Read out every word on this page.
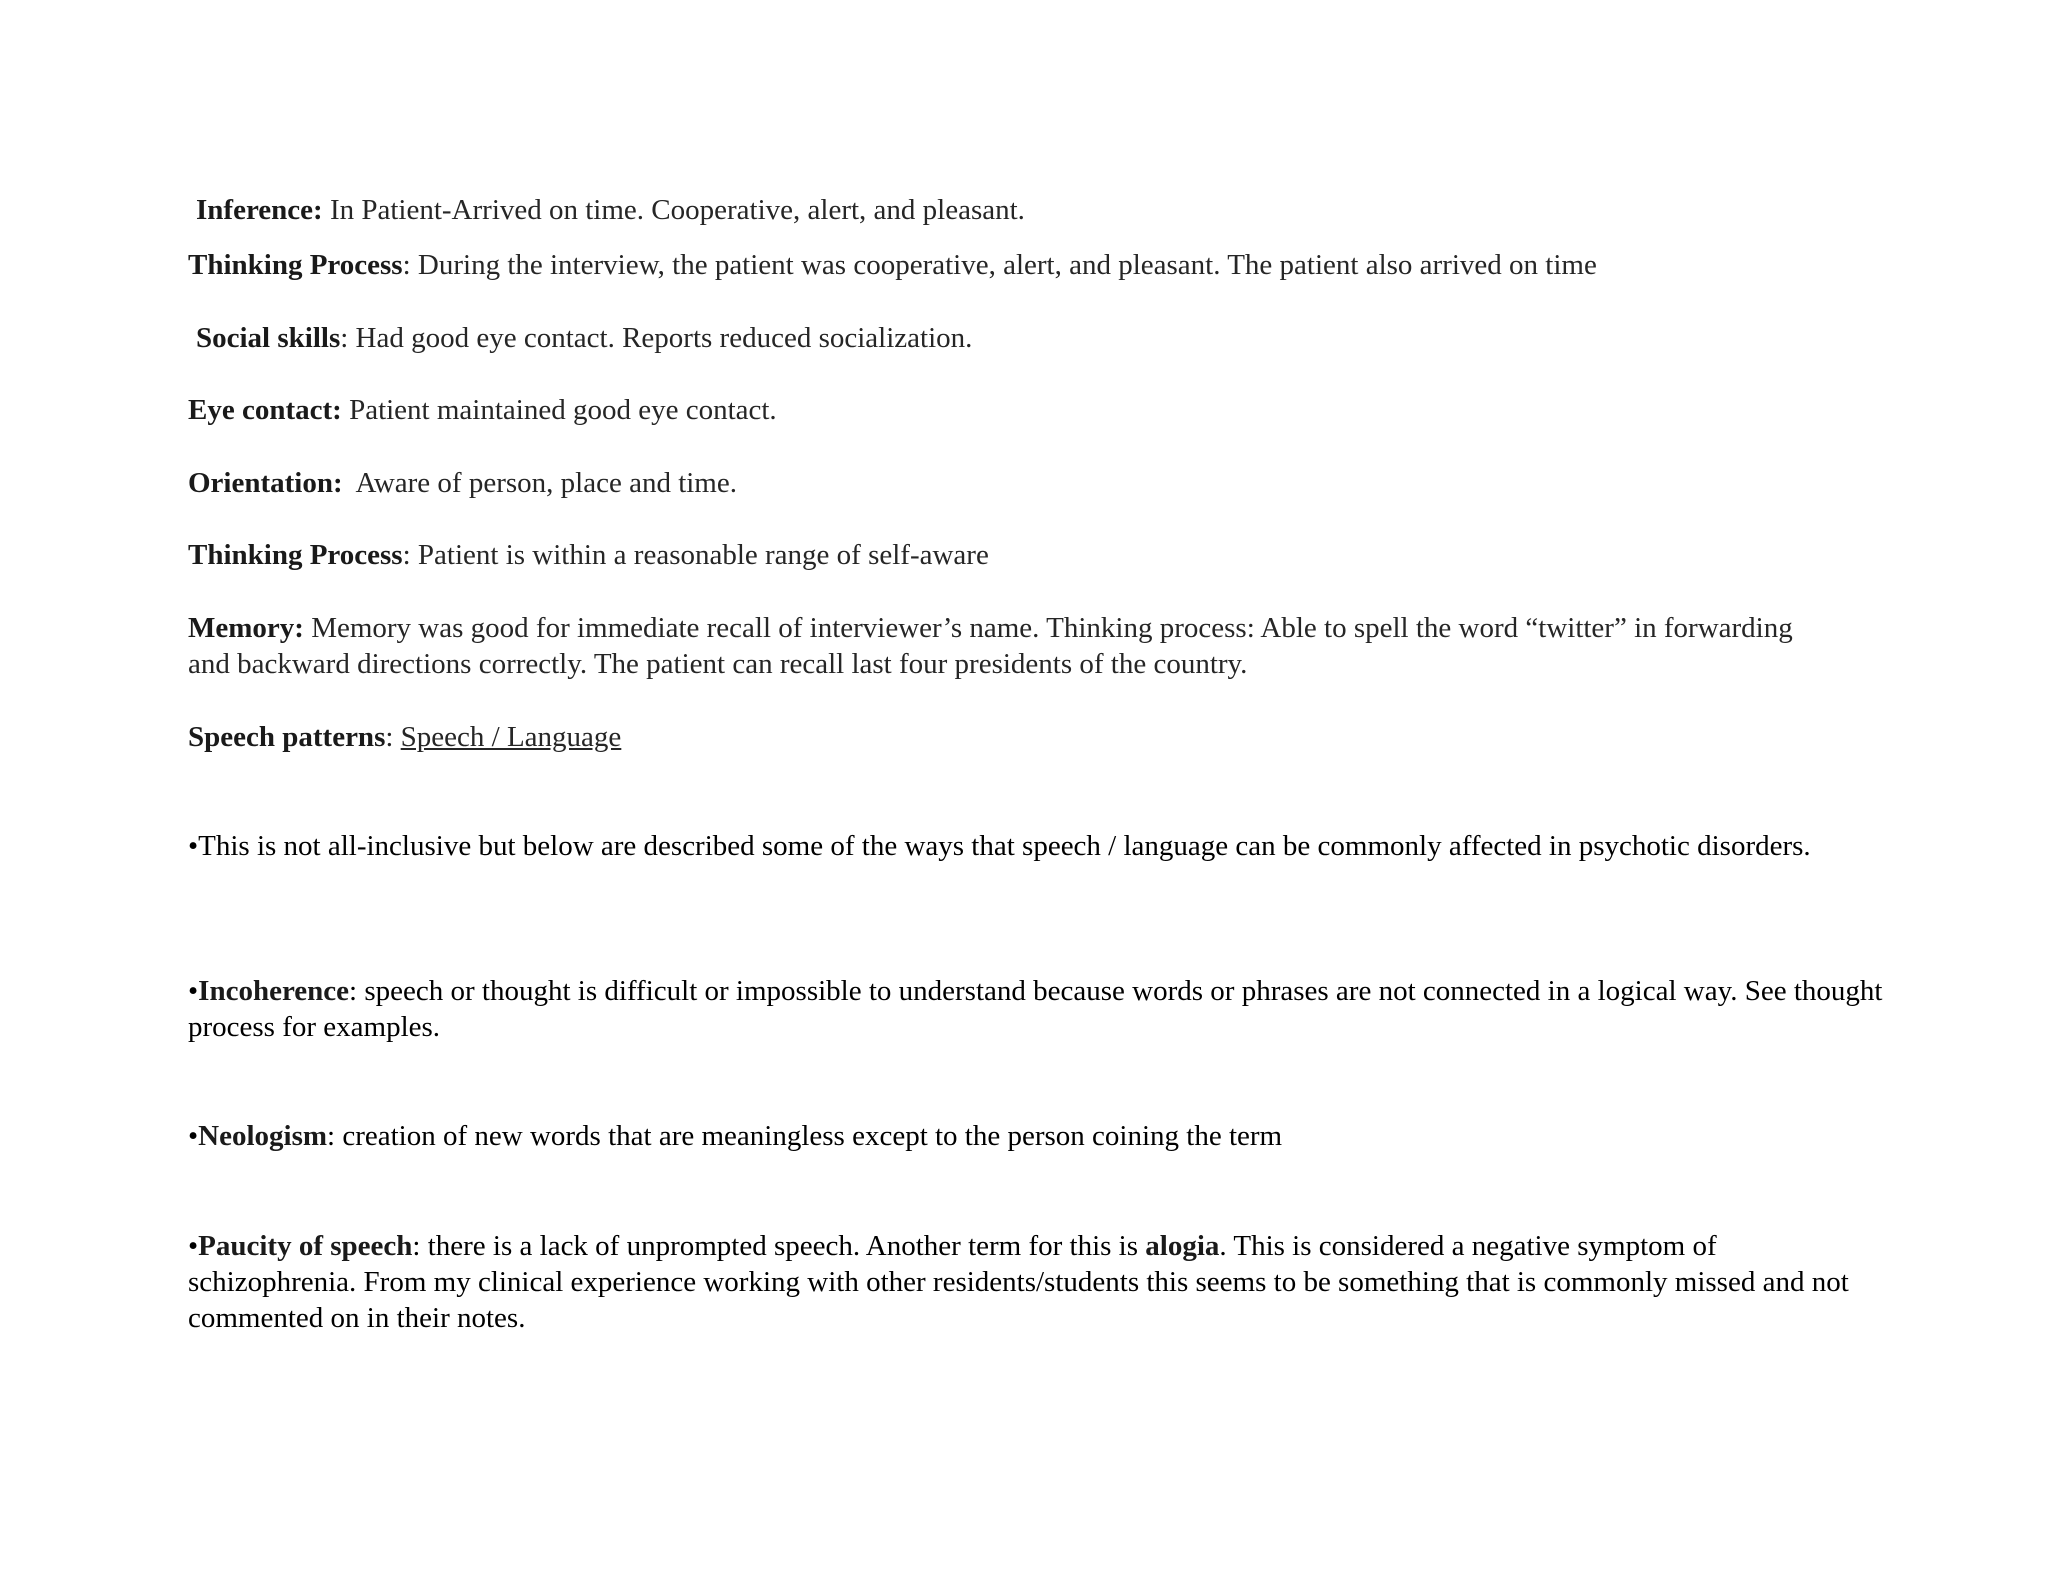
Inference: In Patient-Arrived on time. Cooperative, alert, and pleasant.
Thinking Process: During the interview, the patient was cooperative, alert, and pleasant. The patient also arrived on time
Social skills: Had good eye contact. Reports reduced socialization.
Eye contact: Patient maintained good eye contact.
Orientation:  Aware of person, place and time.
Thinking Process: Patient is within a reasonable range of self-aware
Memory: Memory was good for immediate recall of interviewer’s name. Thinking process: Able to spell the word “twitter” in forwarding and backward directions correctly. The patient can recall last four presidents of the country.
Speech patterns: Speech / Language
•This is not all-inclusive but below are described some of the ways that speech / language can be commonly affected in psychotic disorders.
•Incoherence: speech or thought is difficult or impossible to understand because words or phrases are not connected in a logical way. See thought process for examples.
•Neologism: creation of new words that are meaningless except to the person coining the term
•Paucity of speech: there is a lack of unprompted speech. Another term for this is alogia. This is considered a negative symptom of schizophrenia. From my clinical experience working with other residents/students this seems to be something that is commonly missed and not commented on in their notes.
